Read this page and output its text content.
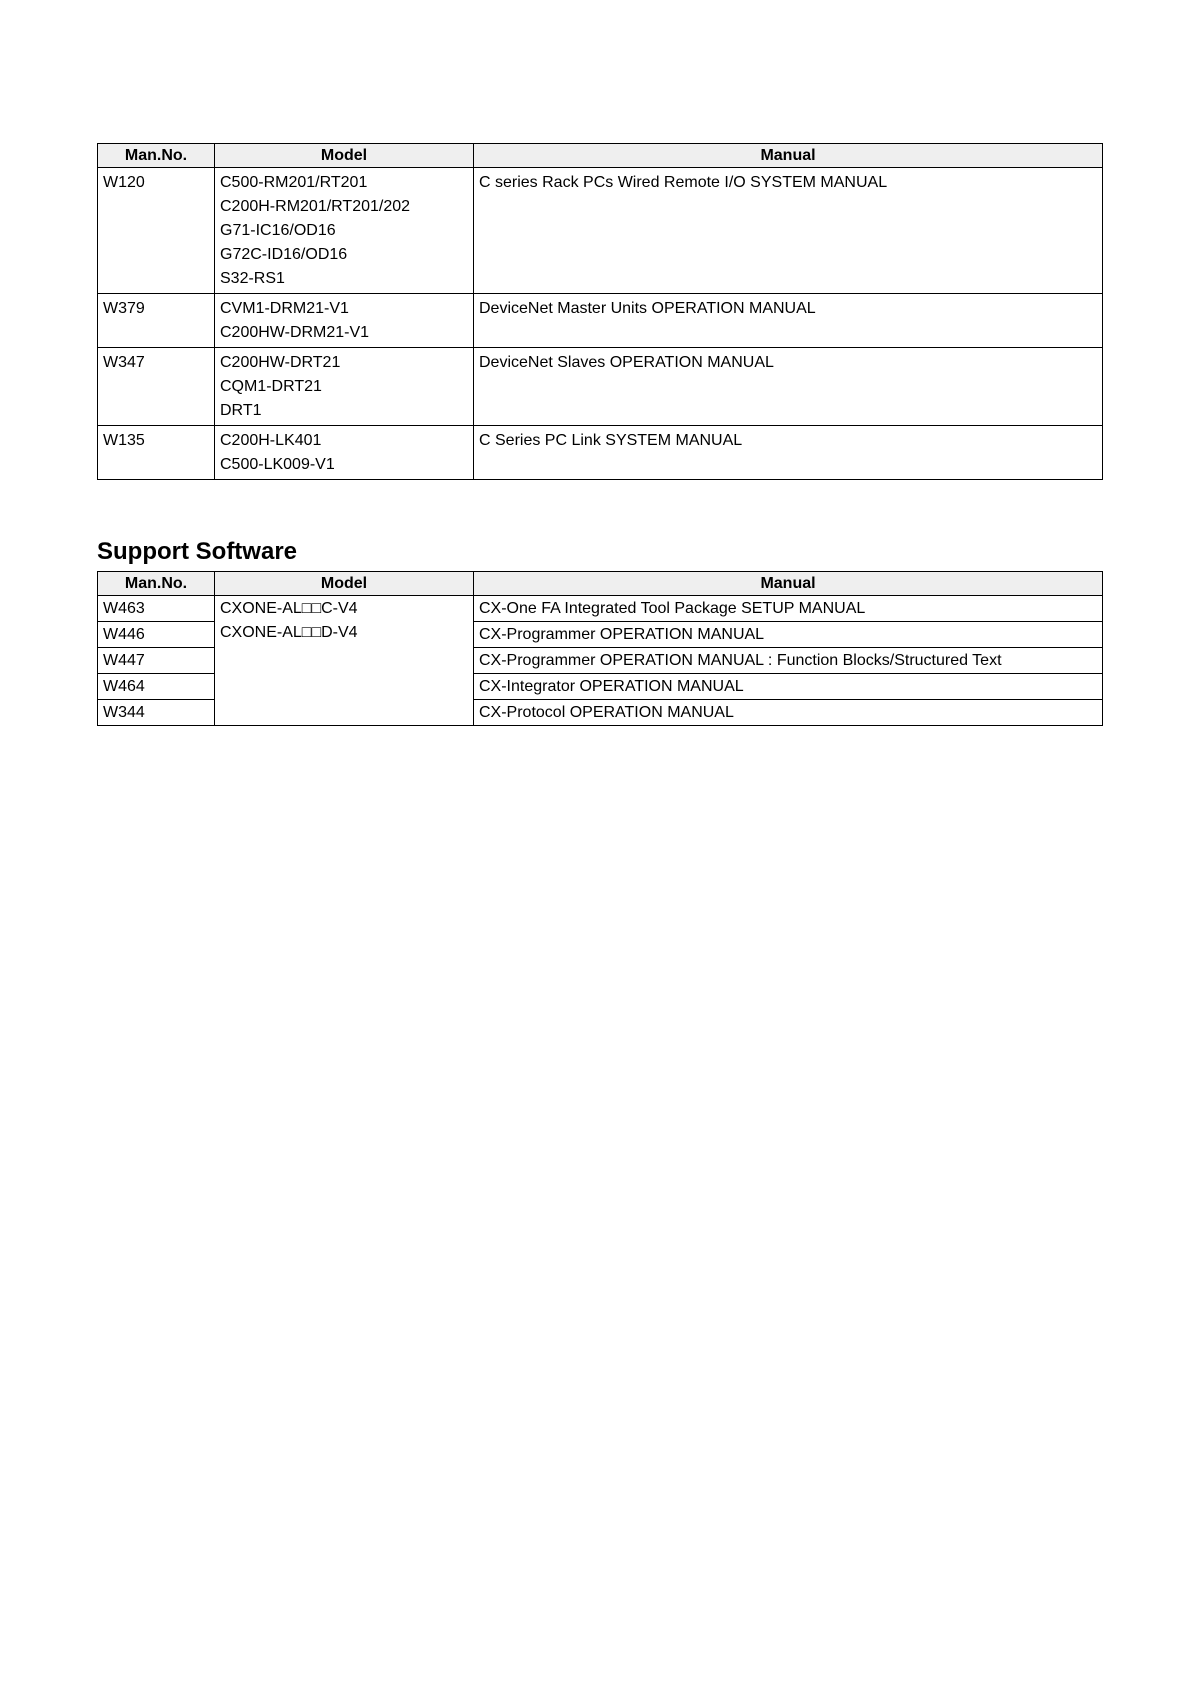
Man.No.	Model	Manual
W120	C500-RM201/RT201
C200H-RM201/RT201/202
G71-IC16/OD16
G72C-ID16/OD16
S32-RS1	C series Rack PCs Wired Remote I/O SYSTEM MANUAL
W379	CVM1-DRM21-V1
C200HW-DRM21-V1	DeviceNet Master Units OPERATION MANUAL
W347	C200HW-DRT21
CQM1-DRT21
DRT1	DeviceNet Slaves OPERATION MANUAL
W135	C200H-LK401
C500-LK009-V1	C Series PC Link SYSTEM MANUAL
Support Software
Man.No.	Model	Manual
W463	CXONE-AL□□C-V4
CXONE-AL□□D-V4	CX-One FA Integrated Tool Package SETUP MANUAL
W446		CX-Programmer OPERATION MANUAL
W447		CX-Programmer OPERATION MANUAL : Function Blocks/Structured Text
W464		CX-Integrator OPERATION MANUAL
W344		CX-Protocol OPERATION MANUAL
